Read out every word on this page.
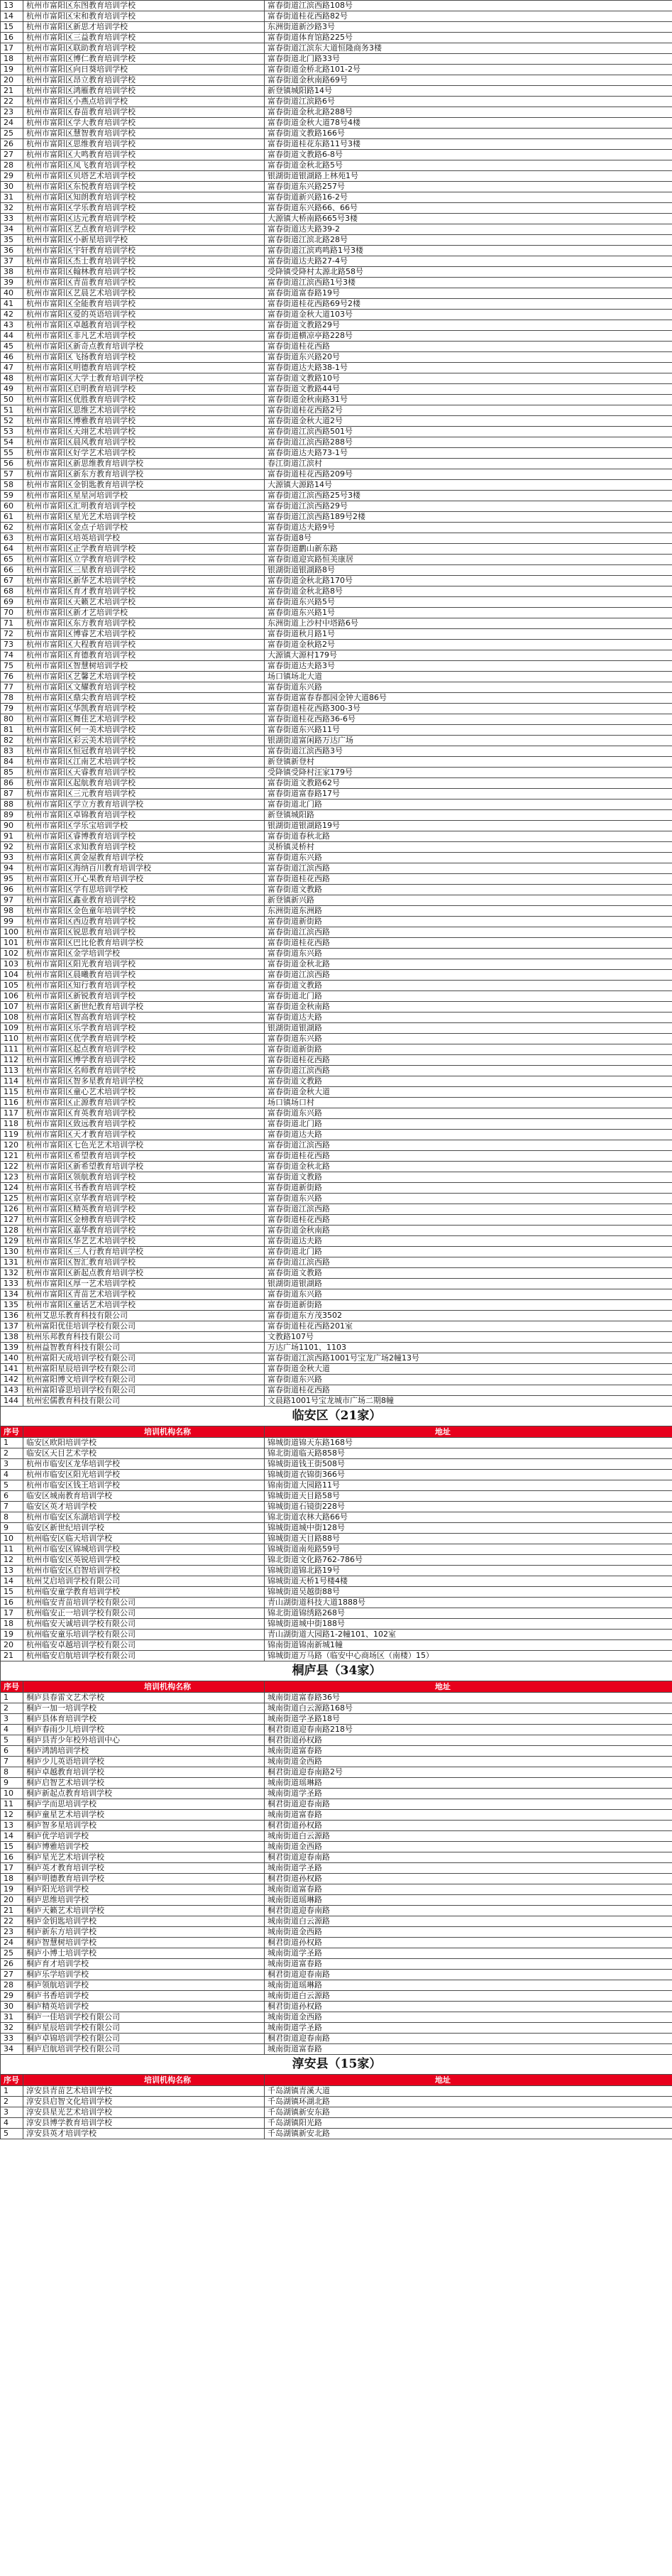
13	杭州市富阳区东图教育培训学校	富春街道江滨西路108号
14	杭州市富阳区宋和教育培训学校	富春街道桂花西路82号
15	杭州市富阳区新思才培训学校	东洲街道新沙路3号
16	杭州市富阳区三益教育培训学校	富春街道体育馆路225号
17	杭州市富阳区联助教育培训学校	富春街道江滨东大道恒隆商务3楼
18	杭州市富阳区博仁教育培训学校	富春街道北门路33号
19	杭州市富阳区向日葵培训学校	富春街道金桥北路101-2号
20	杭州市富阳区昂立教育培训学校	富春街道金秋南路69号
21	杭州市富阳区鸿雁教育培训学校	新登镇城阳路14号
22	杭州市富阳区小燕点培训学校	富春街道江滨路6号
23	杭州市富阳区春苗教育培训学校	富春街道金秋北路288号
24	杭州市富阳区学大教育培训学校	富春街道金秋大道78号4楼
25	杭州市富阳区慧智教育培训学校	富春街道文教路166号
26	杭州市富阳区思维教育培训学校	富春街道桂花东路11号3楼
27	杭州市富阳区大鸣教育培训学校	富春街道文教路6-8号
28	杭州市富阳区凤飞教育培训学校	富春街道金秋北路5号
29	杭州市富阳区贝塔艺术培训学校	银湖街道银湖路上林苑1号
30	杭州市富阳区东悦教育培训学校	富春街道东兴路257号
31	杭州市富阳区知朗教育培训学校	富春街道新兴路16-2号
32	杭州市富阳区学乐教育培训学校	富春街道东兴路66、66号
33	杭州市富阳区达元教育培训学校	大源镇大桥南路665号3楼
34	杭州市富阳区艺点教育培训学校	富春街道达夫路39-2
35	杭州市富阳区小新星培训学校	富春街道江滨北路28号
36	杭州市富阳区宇轩教育培训学校	富春街道江滨鸡鸣路1号3楼
37	杭州市富阳区杰士教育培训学校	富春街道达夫路27-4号
38	杭州市富阳区翰林教育培训学校	受降镇受降村太源北路58号
39	杭州市富阳区青苗教育培训学校	富春街道江滨西路1号3楼
40	杭州市富阳区艺晨艺术培训学校	富春街道富春路19号
41	杭州市富阳区全能教育培训学校	富春街道桂花西路69号2楼
42	杭州市富阳区爱的英语培训学校	富春街道金秋大道103号
43	杭州市富阳区卓越教育培训学校	富春街道文教路29号
44	杭州市富阳区非凡艺术培训学校	富春街道横凉亭路228号
45	杭州市富阳区新奇点教育培训学校	富春街道桂花西路
46	杭州市富阳区飞扬教育培训学校	富春街道东兴路20号
47	杭州市富阳区明德教育培训学校	富春街道达夫路38-1号
48	杭州市富阳区大学士教育培训学校	富春街道文教路10号
49	杭州市富阳区启明教育培训学校	富春街道文教路44号
50	杭州市富阳区优胜教育培训学校	富春街道金秋南路31号
51	杭州市富阳区思维艺术培训学校	富春街道桂花西路2号
52	杭州市富阳区博雅教育培训学校	富春街道金秋大道2号
53	杭州市富阳区天翊艺术培训学校	富春街道江滨西路501号
54	杭州市富阳区晨风教育培训学校	富春街道江滨西路288号
55	杭州市富阳区好学艺术培训学校	富春街道达夫路73-1号
56	杭州市富阳区新思维教育培训学校	春江街道江滨村
57	杭州市富阳区新东方教育培训学校	富春街道桂花西路209号
58	杭州市富阳区金钥匙教育培训学校	大源镇大源路14号
59	杭州市富阳区星星河培训学校	富春街道江滨西路25号3楼
60	杭州市富阳区汇明教育培训学校	富春街道江滨西路29号
61	杭州市富阳区星光艺术培训学校	富春街道江滨西路189号2楼
62	杭州市富阳区金点子培训学校	富春街道达夫路9号
63	杭州市富阳区培英培训学校	富春街道8号
64	杭州市富阳区正学教育培训学校	富春街道鹳山新东路
65	杭州市富阳区立学教育培训学校	富春街道迎宾路恒美康居
66	杭州市富阳区三星教育培训学校	银湖街道银湖路8号
67	杭州市富阳区新华艺术培训学校	富春街道金秋北路170号
68	杭州市富阳区育才教育培训学校	富春街道金秋北路8号
69	杭州市富阳区天籁艺术培训学校	富春街道东兴路5号
70	杭州市富阳区新才艺培训学校	富春街道东兴路1号
71	杭州市富阳区东方教育培训学校	东洲街道上沙村中塔路6号
72	杭州市富阳区博睿艺术培训学校	富春街道秋月路1号
73	杭州市富阳区大程教育培训学校	富春街道金秋路2号
74	杭州市富阳区育德教育培训学校	大源镇大源村179号
75	杭州市富阳区智慧树培训学校	富春街道达夫路3号
76	杭州市富阳区艺馨艺术培训学校	场口镇场北大道
77	杭州市富阳区文耀教育培训学校	富春街道东兴路
78	杭州市富阳区鼎尖教育培训学校	富春街道富春春都园金钟大道86号
79	杭州市富阳区华凯教育培训学校	富春街道桂花西路300-3号
80	杭州市富阳区舞佳艺术培训学校	富春街道桂花西路36-6号
81	杭州市富阳区何一美术培训学校	富春街道东兴路11号
82	杭州市富阳区彩云美术培训学校	银湖街道富闲路万达广场
83	杭州市富阳区恒冠教育培训学校	富春街道江滨西路3号
84	杭州市富阳区江南艺术培训学校	新登镇新登村
85	杭州市富阳区天睿教育培训学校	受降镇受降村汪家179号
86	杭州市富阳区起航教育培训学校	富春街道文教路62号
87	杭州市富阳区三元教育培训学校	富春街道富春路17号
88	杭州市富阳区学立方教育培训学校	富春街道北门路
89	杭州市富阳区卓锦教育培训学校	新登镇城阳路
90	杭州市富阳区学乐宝培训学校	银湖街道银湖路19号
91	杭州市富阳区睿博教育培训学校	富春街道春秋北路
92	杭州市富阳区求知教育培训学校	灵桥镇灵桥村
93	杭州市富阳区黄金屋教育培训学校	富春街道东兴路
94	杭州市富阳区海纳百川教育培训学校	富春街道江滨西路
95	杭州市富阳区开心果教育培训学校	富春街道桂花西路
96	杭州市富阳区学有思培训学校	富春街道文教路
97	杭州市富阳区鑫业教育培训学校	新登镇新兴路
98	杭州市富阳区金色童年培训学校	东洲街道东洲路
99	杭州市富阳区西迈教育培训学校	富春街道新街路
100	杭州市富阳区锐思教育培训学校	富春街道江滨西路
101	杭州市富阳区巴比伦教育培训学校	富春街道桂花西路
102	杭州市富阳区金学培训学校	富春街道东兴路
103	杭州市富阳区阳光教育培训学校	富春街道金秋北路
104	杭州市富阳区晨曦教育培训学校	富春街道江滨西路
105	杭州市富阳区知行教育培训学校	富春街道文教路
106	杭州市富阳区新锐教育培训学校	富春街道北门路
107	杭州市富阳区新世纪教育培训学校	富春街道金秋南路
108	杭州市富阳区智高教育培训学校	富春街道达夫路
109	杭州市富阳区乐学教育培训学校	银湖街道银湖路
110	杭州市富阳区优学教育培训学校	富春街道东兴路
111	杭州市富阳区起点教育培训学校	富春街道新街路
112	杭州市富阳区博学教育培训学校	富春街道桂花西路
113	杭州市富阳区名师教育培训学校	富春街道江滨西路
114	杭州市富阳区智多星教育培训学校	富春街道文教路
115	杭州市富阳区童心艺术培训学校	富春街道金秋大道
116	杭州市富阳区正源教育培训学校	场口镇场口村
117	杭州市富阳区育英教育培训学校	富春街道东兴路
118	杭州市富阳区致远教育培训学校	富春街道北门路
119	杭州市富阳区天才教育培训学校	富春街道达夫路
120	杭州市富阳区七色光艺术培训学校	富春街道江滨西路
121	杭州市富阳区希望教育培训学校	富春街道桂花西路
122	杭州市富阳区新希望教育培训学校	富春街道金秋北路
123	杭州市富阳区领航教育培训学校	富春街道文教路
124	杭州市富阳区书香教育培训学校	富春街道新街路
125	杭州市富阳区京华教育培训学校	富春街道东兴路
126	杭州市富阳区精英教育培训学校	富春街道江滨西路
127	杭州市富阳区金榜教育培训学校	富春街道桂花西路
128	杭州市富阳区嘉华教育培训学校	富春街道金秋南路
129	杭州市富阳区华艺艺术培训学校	富春街道达夫路
130	杭州市富阳区三人行教育培训学校	富春街道北门路
131	杭州市富阳区智汇教育培训学校	富春街道江滨西路
132	杭州市富阳区新起点教育培训学校	富春街道文教路
133	杭州市富阳区厚一艺术培训学校	银湖街道银湖路
134	杭州市富阳区青苗艺术培训学校	富春街道东兴路
135	杭州市富阳区童话艺术培训学校	富春街道新街路
136	杭州艾思乐教育科技有限公司	富春街道东方茂3502
137	杭州富阳优佳培训学校有限公司	富春街道桂花西路201室
138	杭州乐邦教育科技有限公司	文教路107号
139	杭州益智教育科技有限公司	万达广场1101、1103
140	杭州富阳天成培训学校有限公司	富春街道江滨西路1001号宝龙广场2幢13号
141	杭州富阳星辰培训学校有限公司	富春街道金秋大道
142	杭州富阳博文培训学校有限公司	富春街道东兴路
143	杭州富阳睿思培训学校有限公司	富春街道桂花西路
144	杭州宏儒教育科技有限公司	文晨路1001号宝龙城市广场二期8幢
临安区（21家）
序号	培训机构名称	地址
1	临安区欧阳培训学校	锦城街道锦天东路168号
2	临安区天目艺术学校	锦北街道临天路858号
3	杭州市临安区龙华培训学校	锦城街道钱王街508号
4	杭州市临安区阳光培训学校	锦城街道衣锦街366号
5	杭州市临安区钱王培训学校	锦南街道大园路11号
6	临安区城南教育培训学校	锦城街道天目路58号
7	临安区英才培训学校	锦城街道石镜街228号
8	杭州市临安区东湖培训学校	锦北街道农林大路66号
9	临安区新世纪培训学校	锦城街道城中街128号
10	杭州临安区临天培训学校	锦城街道天目路88号
11	杭州市临安区锦城培训学校	锦城街道南苑路59号
12	杭州市临安区英锐培训学校	锦北街道文化路762-786号
13	杭州市临安区启智培训学校	锦城街道锦北路19号
14	杭州艾启培训学校有限公司	锦城街道天桥1号楼4楼
15	杭州临安童学教育培训学校	锦城街道吴越街88号
16	杭州临安青苗培训学校有限公司	青山湖街道科技大道1888号
17	杭州临安正一培训学校有限公司	锦北街道锦绣路268号
18	杭州临安天诚培训学校有限公司	锦城街道城中街188号
19	杭州临安童乐培训学校有限公司	青山湖街道大园路1-2幢101、102室
20	杭州临安卓越培训学校有限公司	锦南街道锦南新城1幢
21	杭州临安启航培训学校有限公司	锦城街道万马路（临安中心商场区（南楼）15）
桐庐县（34家）
序号	培训机构名称	地址
1	桐庐县春雷文艺术学校	城南街道富春路36号
2	桐庐一加一培训学校	城南街道白云源路168号
3	桐庐县体育培训学校	城南街道学圣路18号
4	桐庐春雨少儿培训学校	桐君街道迎春南路218号
5	桐庐县青少年校外培训中心	桐君街道孙权路
6	桐庐鸿鹄培训学校	城南街道富春路
7	桐庐少儿英语培训学校	城南街道金西路
8	桐庐卓越教育培训学校	桐君街道迎春南路2号
9	桐庐启智艺术培训学校	城南街道瑶琳路
10	桐庐新起点教育培训学校	城南街道学圣路
11	桐庐学而思培训学校	桐君街道迎春南路
12	桐庐童星艺术培训学校	城南街道富春路
13	桐庐智多星培训学校	桐君街道孙权路
14	桐庐优学培训学校	城南街道白云源路
15	桐庐博雅培训学校	城南街道金西路
16	桐庐星光艺术培训学校	桐君街道迎春南路
17	桐庐英才教育培训学校	城南街道学圣路
18	桐庐明德教育培训学校	桐君街道孙权路
19	桐庐阳光培训学校	城南街道富春路
20	桐庐思维培训学校	城南街道瑶琳路
21	桐庐天籁艺术培训学校	桐君街道迎春南路
22	桐庐金钥匙培训学校	城南街道白云源路
23	桐庐新东方培训学校	城南街道金西路
24	桐庐智慧树培训学校	桐君街道孙权路
25	桐庐小博士培训学校	城南街道学圣路
26	桐庐育才培训学校	城南街道富春路
27	桐庐乐学培训学校	桐君街道迎春南路
28	桐庐领航培训学校	城南街道瑶琳路
29	桐庐书香培训学校	城南街道白云源路
30	桐庐精英培训学校	桐君街道孙权路
31	桐庐一佳培训学校有限公司	城南街道金西路
32	桐庐星辰培训学校有限公司	城南街道学圣路
33	桐庐卓锦培训学校有限公司	桐君街道迎春南路
34	桐庐启航培训学校有限公司	城南街道富春路
淳安县（15家）
序号	培训机构名称	地址
1	淳安县青苗艺术培训学校	千岛湖镇青溪大道
2	淳安县启智文化培训学校	千岛湖镇环湖北路
3	淳安县星光艺术培训学校	千岛湖镇新安东路
4	淳安县博学教育培训学校	千岛湖镇阳光路
5	淳安县英才培训学校	千岛湖镇新安北路
